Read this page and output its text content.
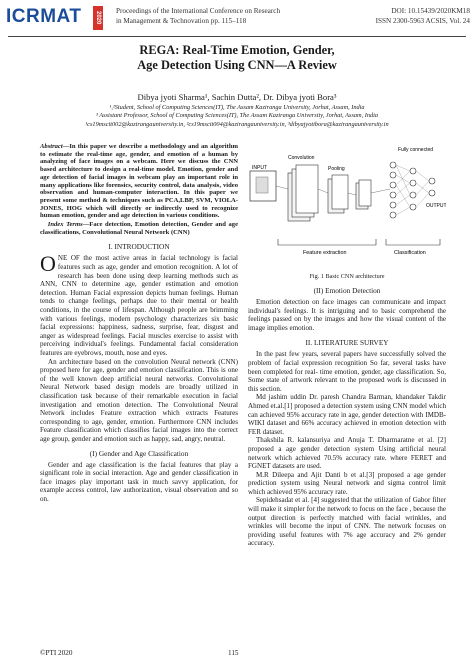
ICRMAT	2020
Proceedings of the International Conference on Research
in Management & Technovation pp. 115–118
DOI: 10.15439/2020KM18
ISSN 2300-5963 ACSIS, Vol. 24
REGA: Real-Time Emotion, Gender,
Age Detection Using CNN—A Review
Dibya jyoti Sharma¹, Sachin Dutta², Dr. Dibya jyoti Bora³
¹,²Student, School of Computing Sciences(IT), The Assam Kaziranga University, Jorhat, Assam, India
³ Assistant Professor, School of Computing Sciences(IT), The Assam Kaziranga University, Jorhat, Assam, India
¹cs19mscit002@kazirangauniversity.in, ²cs19mscit004@kazirangauniversity.in, ³dibyajyotibora@kazirangauniversity.in
Abstract—In this paper we describe a methodology and an algorithm to estimate the real-time age, gender, and emotion of a human by analyzing of face images on a webcam. Here we discuss the CNN based architecture to design a real-time model. Emotion, gender and age detection of facial images in webcam play an important role in many applications like forensics, security control, data analysis, video observation and human-computer interaction. In this paper we present some method & techniques such as PCA,LBP, SVM, VIOLA-JONES, HOG which will directly or indirectly used to recognize human emotion, gender and age detection in various conditions.
Index Terms—Face detection, Emotion detection, Gender and age classifications, Convolutional Neural Network (CNN)
I. INTRODUCTION

ONE OF the most active areas in facial technology is facial features such as age, gender and emotion recognition. A lot of research has been done using deep learning methods such as ANN, CNN to determine age, gender estimation and emotion detection. Human Facial expression depicts human feelings. Human tends to change feelings, perhaps due to their mental or health conditions, in the course of lifespan. Although people are brimming with various feelings, modern psychology characterizes six basic facial expressions: happiness, sadness, surprise, fear, disgust and anger as widespread feelings. Facial muscles exercise to assist with perceiving individual's feelings. Fundamental facial consideration features are eyebrows, mouth, nose and eyes.

An architecture based on the convolution Neural network (CNN) proposed here for age, gender and emotion classification. This is one of the well known deep artificial neural networks. Convolutional Neural Network based design models are broadly utilized in classification task because of their remarkable execution in facial investigation and emotion detection. The Convolutional Neural Network includes Feature extraction which extracts Features corresponding to age, gender, emotion. Furthermore CNN includes Feature classification which classifies facial images into the correct age group, gender and emotion such as happy, sad, angry, neutral.

(I) Gender and Age Classification

Gender and age classification is the facial features that play a significant role in social interaction. Age and gender classification in face images play important task in much savvy application, for example access control, law authorization, visual observation and so on.

INPUT
Convolution
Pooling
Fully connected
OUTPUT
Feature extraction	Classification
Fig. 1 Basic CNN architecture
(II) Emotion Detection

Emotion detection on face images can communicate and impact individual's feelings. It is intriguing and to basic comprehend the feelings passed on by the images and how the visual content of the image implies emotion.

II. LITERATURE SURVEY

In the past few years, several papers have successfully solved the problem of facial expression recognition So far, several tasks have been completed for real- time emotion, gender, age classification. So, Some state of artwork relevant to the proposed work is discussed in this section.

Md jashim uddin Dr. paresh Chandra Barman, khandaker Takdir Ahmed et.al.[1] proposed a detection system using CNN model which can achieved 95% accuracy rate in age, gender detection with IMDB-WIKI dataset and 66% accuracy achieved in emotion detection with FER dataset.

Thakshila R. kalansuriya and Anuja T. Dharmaratne et al. [2] proposed a age gender detection system Using artificial neural network which achieved 70.5% accuracy rate. where FERET and FGNET datasets are used.

M.R Dileepa and Ajit Danti b et al.[3] proposed a age gender prediction system using Neural network and sigma control limit which achieved 95% accuracy rate.

Sepidehsadat et al. [4] suggested that the utilization of Gabor filter will make it simpler for the network to focus on the face , because the output direction is perfectly matched with facial wrinkles, and wrinkles will become the input of CNN. The network focuses on providing useful features with 7% age accuracy and 2% gender accuracy.

©PTI 2020	115
